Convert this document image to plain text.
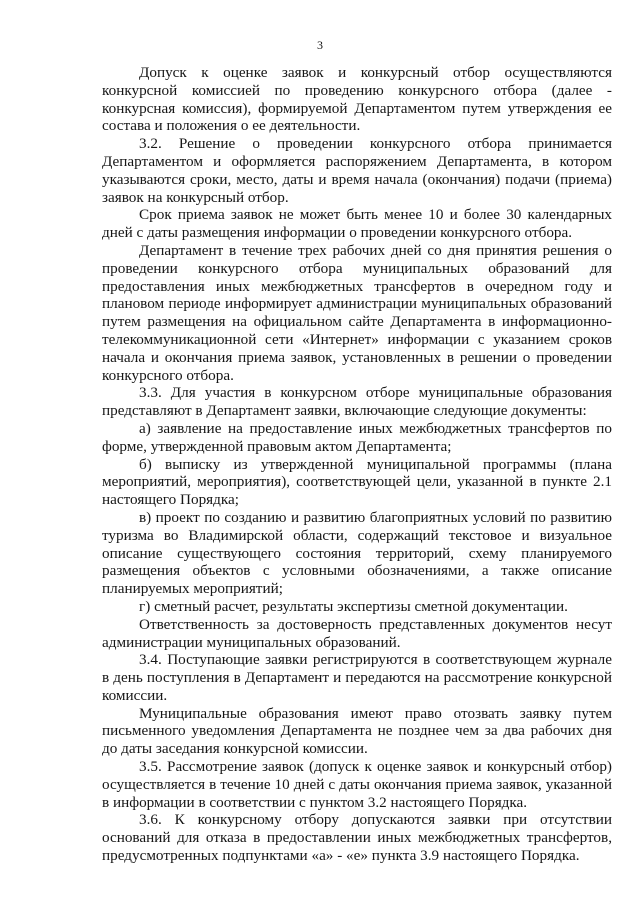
3

Допуск к оценке заявок и конкурсный отбор осуществляются конкурсной комиссией по проведению конкурсного отбора (далее - конкурсная комиссия), формируемой Департаментом путем утверждения ее состава и положения о ее деятельности.

3.2. Решение о проведении конкурсного отбора принимается Департаментом и оформляется распоряжением Департамента, в котором указываются сроки, место, даты и время начала (окончания) подачи (приема) заявок на конкурсный отбор.

Срок приема заявок не может быть менее 10 и более 30 календарных дней с даты размещения информации о проведении конкурсного отбора.

Департамент в течение трех рабочих дней со дня принятия решения о проведении конкурсного отбора муниципальных образований для предоставления иных межбюджетных трансфертов в очередном году и плановом периоде информирует администрации муниципальных образований путем размещения на официальном сайте Департамента в информационно-телекоммуникационной сети «Интернет» информации с указанием сроков начала и окончания приема заявок, установленных в решении о проведении конкурсного отбора.

3.3. Для участия в конкурсном отборе муниципальные образования представляют в Департамент заявки, включающие следующие документы:

а) заявление на предоставление иных межбюджетных трансфертов по форме, утвержденной правовым актом Департамента;

б) выписку из утвержденной муниципальной программы (плана мероприятий, мероприятия), соответствующей цели, указанной в пункте 2.1 настоящего Порядка;

в) проект по созданию и развитию благоприятных условий по развитию туризма во Владимирской области, содержащий текстовое и визуальное описание существующего состояния территорий, схему планируемого размещения объектов с условными обозначениями, а также описание планируемых мероприятий;

г) сметный расчет, результаты экспертизы сметной документации.

Ответственность за достоверность представленных документов несут администрации муниципальных образований.

3.4. Поступающие заявки регистрируются в соответствующем журнале в день поступления в Департамент и передаются на рассмотрение конкурсной комиссии.

Муниципальные образования имеют право отозвать заявку путем письменного уведомления Департамента не позднее чем за два рабочих дня до даты заседания конкурсной комиссии.

3.5. Рассмотрение заявок (допуск к оценке заявок и конкурсный отбор) осуществляется в течение 10 дней с даты окончания приема заявок, указанной в информации в соответствии с пунктом 3.2 настоящего Порядка.

3.6. К конкурсному отбору допускаются заявки при отсутствии оснований для отказа в предоставлении иных межбюджетных трансфертов, предусмотренных подпунктами «а» - «е» пункта 3.9 настоящего Порядка.
